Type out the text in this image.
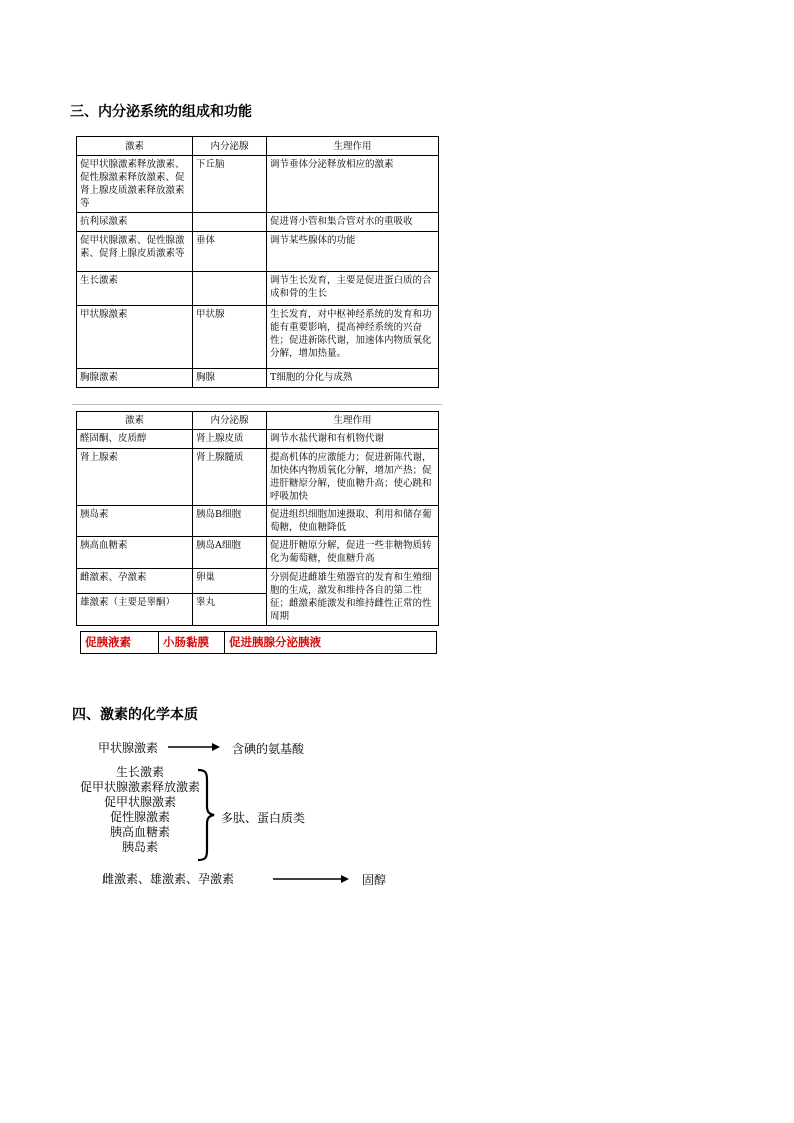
三、内分泌系统的组成和功能
激素	内分泌腺	生理作用
促甲状腺激素释放激素、促性腺激素释放激素、促肾上腺皮质激素释放激素等	下丘脑	调节垂体分泌释放相应的激素
抗利尿激素		促进肾小管和集合管对水的重吸收
促甲状腺激素、促性腺激素、促肾上腺皮质激素等	垂体	调节某些腺体的功能
生长激素		调节生长发育，主要是促进蛋白质的合成和骨的生长
甲状腺激素	甲状腺	生长发育，对中枢神经系统的发育和功能有重要影响，提高神经系统的兴奋性；促进新陈代谢，加速体内物质氧化分解，增加热量。
胸腺激素	胸腺	T细胞的分化与成熟
激素	内分泌腺	生理作用
醛固酮、皮质醇	肾上腺皮质	调节水盐代谢和有机物代谢
肾上腺素	肾上腺髓质	提高机体的应激能力；促进新陈代谢，加快体内物质氧化分解，增加产热；促进肝糖原分解，使血糖升高；使心跳和呼吸加快
胰岛素	胰岛B细胞	促进组织细胞加速摄取、利用和储存葡萄糖，使血糖降低
胰高血糖素	胰岛A细胞	促进肝糖原分解，促进一些非糖物质转化为葡萄糖，使血糖升高
雌激素、孕激素	卵巢	分别促进雌雄生殖器官的发育和生殖细胞的生成，激发和维持各自的第二性征；雌激素能激发和维持雌性正常的性周期
雄激素（主要是睾酮）	睾丸	
促胰液素	小肠黏膜	促进胰腺分泌胰液
四、激素的化学本质
甲状腺激素	含碘的氨基酸
生长激素
促甲状腺激素释放激素
促甲状腺激素
促性腺激素
胰高血糖素
胰岛素
多肽、蛋白质类
雌激素、雄激素、孕激素	固醇
